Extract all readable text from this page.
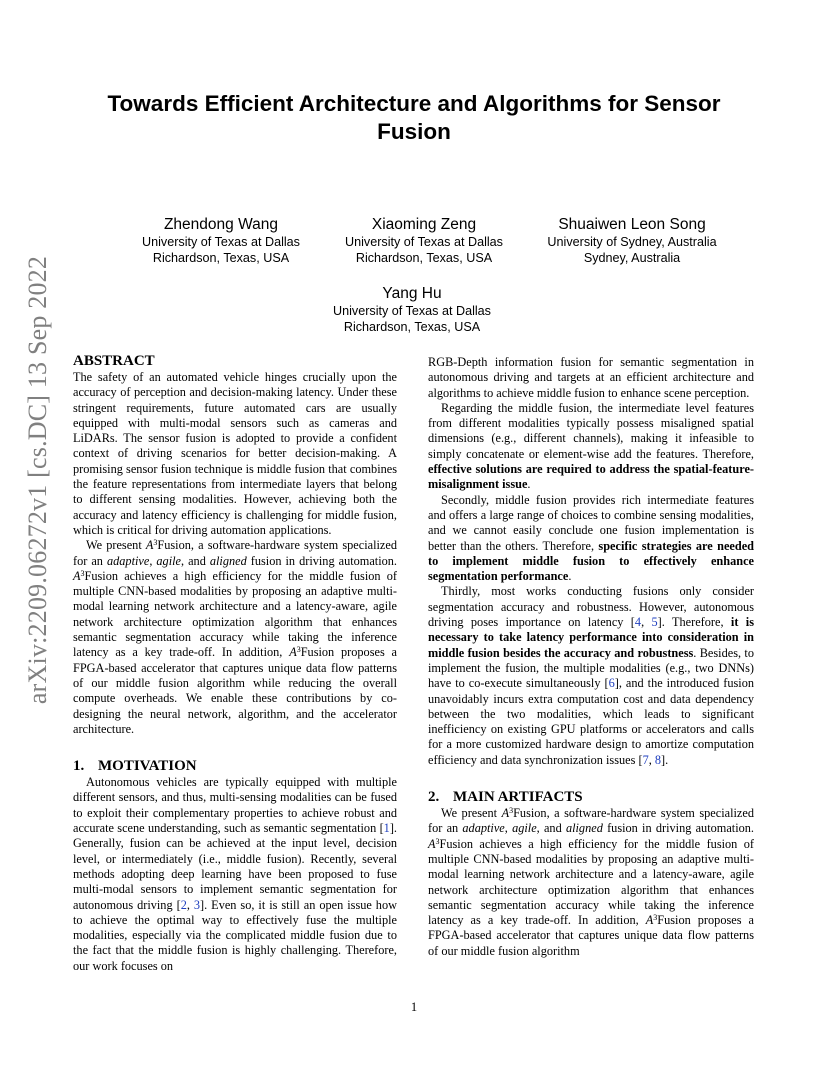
Towards Efficient Architecture and Algorithms for Sensor Fusion
Zhendong Wang
University of Texas at Dallas
Richardson, Texas, USA
Xiaoming Zeng
University of Texas at Dallas
Richardson, Texas, USA
Shuaiwen Leon Song
University of Sydney, Australia
Sydney, Australia
Yang Hu
University of Texas at Dallas
Richardson, Texas, USA
arXiv:2209.06272v1 [cs.DC] 13 Sep 2022 ABSTRACT

The safety of an automated vehicle hinges crucially upon the accuracy of perception and decision-making latency. Under these stringent requirements, future automated cars are usually equipped with multi-modal sensors such as cameras and LiDARs. The sensor fusion is adopted to provide a confident context of driving scenarios for better decision-making. A promising sensor fusion technique is middle fusion that combines the feature representations from intermediate layers that belong to different sensing modalities. However, achieving both the accuracy and latency efficiency is challenging for middle fusion, which is critical for driving automation applications.

We present $A^3Fusion$, a software-hardware system specialized for an adaptive, agile, and aligned fusion in driving automation. $A^3Fusion$ achieves a high efficiency for the middle fusion of multiple CNN-based modalities by proposing an adaptive multi-modal learning network architecture and a latency-aware, agile network architecture optimization algorithm that enhances semantic segmentation accuracy while taking the inference latency as a key trade-off. In addition, $A^3Fusion$ proposes a FPGA-based accelerator that captures unique data flow patterns of our middle fusion algorithm while reducing the overall compute overheads. We enable these contributions by co-designing the neural network, algorithm, and the accelerator architecture.

1. MOTIVATION

Autonomous vehicles are typically equipped with multiple different sensors, and thus, multi-sensing modalities can be fused to exploit their complementary properties to achieve robust and accurate scene understanding, such as semantic segmentation [1]. Generally, fusion can be achieved at the input level, decision level, or intermediately (i.e., middle fusion). Recently, several methods adopting deep learning have been proposed to fuse multi-modal sensors to implement semantic segmentation for autonomous driving [2, 3]. Even so, it is still an open issue how to achieve the optimal way to effectively fuse the multiple modalities, especially via the complicated middle fusion due to the fact that the middle fusion is highly challenging. Therefore, our work focuses on

RGB-Depth information fusion for semantic segmentation in autonomous driving and targets at an efficient architecture and algorithms to achieve middle fusion to enhance scene perception.

Regarding the middle fusion, the intermediate level features from different modalities typically possess misaligned spatial dimensions (e.g., different channels), making it infeasible to simply concatenate or element-wise add the features. Therefore, effective solutions are required to address the spatial-feature-misalignment issue.

Secondly, middle fusion provides rich intermediate features and offers a large range of choices to combine sensing modalities, and we cannot easily conclude one fusion implementation is better than the others. Therefore, specific strategies are needed to implement middle fusion to effectively enhance segmentation performance.

Thirdly, most works conducting fusions only consider segmentation accuracy and robustness. However, autonomous driving poses importance on latency [4, 5]. Therefore, it is necessary to take latency performance into consideration in middle fusion besides the accuracy and robustness. Besides, to implement the fusion, the multiple modalities (e.g., two DNNs) have to co-execute simultaneously [6], and the introduced fusion unavoidably incurs extra computation cost and data dependency between the two modalities, which leads to significant inefficiency on existing GPU platforms or accelerators and calls for a more customized hardware design to amortize computation efficiency and data synchronization issues [7, 8].

2. MAIN ARTIFACTS

We present $A^3Fusion$, a software-hardware system specialized for an adaptive, agile, and aligned fusion in driving automation. $A^3Fusion$ achieves a high efficiency for the middle fusion of multiple CNN-based modalities by proposing an adaptive multi-modal learning network architecture and a latency-aware, agile network architecture optimization algorithm that enhances semantic segmentation accuracy while taking the inference latency as a key trade-off. In addition, $A^3Fusion$ proposes a FPGA-based accelerator that captures unique data flow patterns of our middle fusion algorithm

1
